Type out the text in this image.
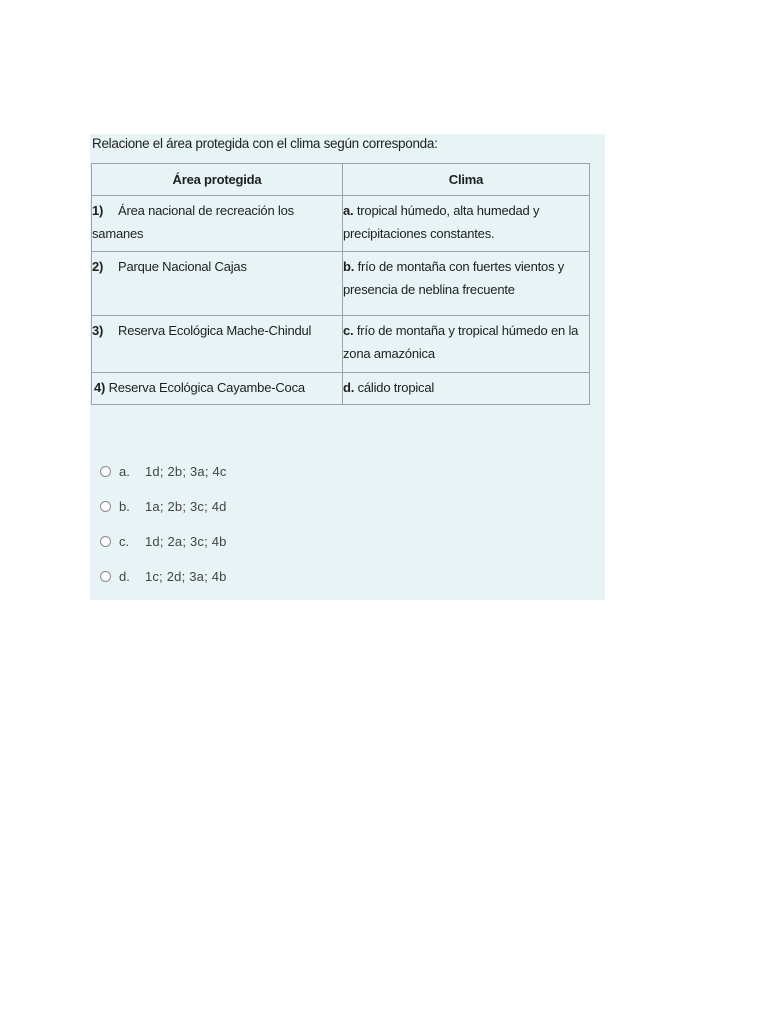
Relacione el área protegida con el clima según corresponda:
Área protegida	Clima
1) Área nacional de recreación los samanes	a. tropical húmedo, alta humedad y precipitaciones constantes.
2) Parque Nacional Cajas	b. frío de montaña con fuertes vientos y presencia de neblina frecuente
3) Reserva Ecológica Mache-Chindul	c. frío de montaña y tropical húmedo en la zona amazónica
4) Reserva Ecológica Cayambe-Coca	d. cálido tropical
a.	1d; 2b; 3a; 4c
b.	1a; 2b; 3c; 4d
c.	1d; 2a; 3c; 4b
d.	1c; 2d; 3a; 4b
